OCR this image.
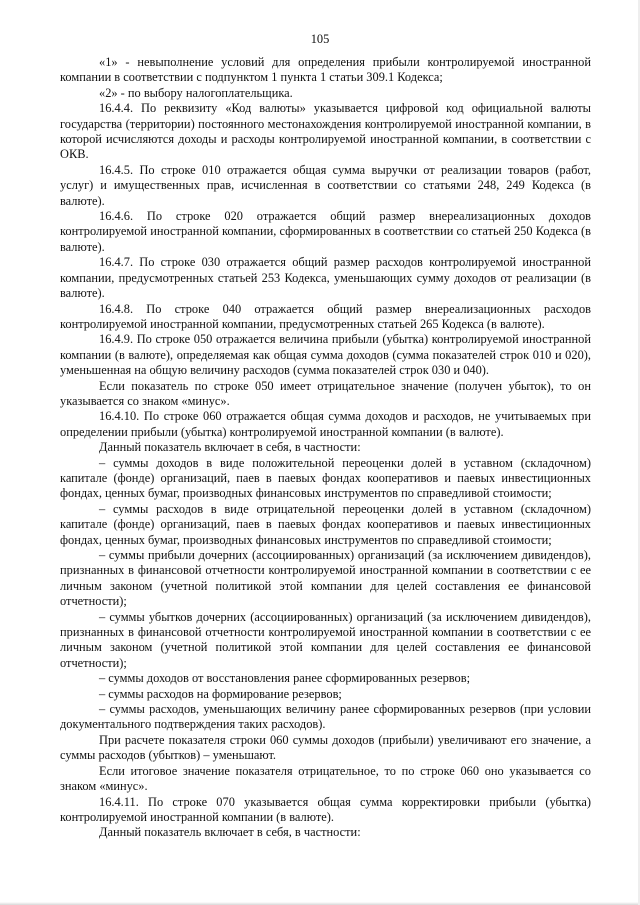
105

«1» - невыполнение условий для определения прибыли контролируемой иностранной компании в соответствии с подпунктом 1 пункта 1 статьи 309.1 Кодекса;

«2» - по выбору налогоплательщика.

16.4.4. По реквизиту «Код валюты» указывается цифровой код официальной валюты государства (территории) постоянного местонахождения контролируемой иностранной компании, в которой исчисляются доходы и расходы контролируемой иностранной компании, в соответствии с ОКВ.

16.4.5. По строке 010 отражается общая сумма выручки от реализации товаров (работ, услуг) и имущественных прав, исчисленная в соответствии со статьями 248, 249 Кодекса (в валюте).

16.4.6. По строке 020 отражается общий размер внереализационных доходов контролируемой иностранной компании, сформированных в соответствии со статьей 250 Кодекса (в валюте).

16.4.7. По строке 030 отражается общий размер расходов контролируемой иностранной компании, предусмотренных статьей 253 Кодекса, уменьшающих сумму доходов от реализации (в валюте).

16.4.8. По строке 040 отражается общий размер внереализационных расходов контролируемой иностранной компании, предусмотренных статьей 265 Кодекса (в валюте).

16.4.9. По строке 050 отражается величина прибыли (убытка) контролируемой иностранной компании (в валюте), определяемая как общая сумма доходов (сумма показателей строк 010 и 020), уменьшенная на общую величину расходов (сумма показателей строк 030 и 040).

Если показатель по строке 050 имеет отрицательное значение (получен убыток), то он указывается со знаком «минус».

16.4.10. По строке 060 отражается общая сумма доходов и расходов, не учитываемых при определении прибыли (убытка) контролируемой иностранной компании (в валюте).

Данный показатель включает в себя, в частности:

– суммы доходов в виде положительной переоценки долей в уставном (складочном) капитале (фонде) организаций, паев в паевых фондах кооперативов и паевых инвестиционных фондах, ценных бумаг, производных финансовых инструментов по справедливой стоимости;

– суммы расходов в виде отрицательной переоценки долей в уставном (складочном) капитале (фонде) организаций, паев в паевых фондах кооперативов и паевых инвестиционных фондах, ценных бумаг, производных финансовых инструментов по справедливой стоимости;

– суммы прибыли дочерних (ассоциированных) организаций (за исключением дивидендов), признанных в финансовой отчетности контролируемой иностранной компании в соответствии с ее личным законом (учетной политикой этой компании для целей составления ее финансовой отчетности);

– суммы убытков дочерних (ассоциированных) организаций (за исключением дивидендов), признанных в финансовой отчетности контролируемой иностранной компании в соответствии с ее личным законом (учетной политикой этой компании для целей составления ее финансовой отчетности);

– суммы доходов от восстановления ранее сформированных резервов;

– суммы расходов на формирование резервов;

– суммы расходов, уменьшающих величину ранее сформированных резервов (при условии документального подтверждения таких расходов).

При расчете показателя строки 060 суммы доходов (прибыли) увеличивают его значение, а суммы расходов (убытков) – уменьшают.

Если итоговое значение показателя отрицательное, то по строке 060 оно указывается со знаком «минус».

16.4.11. По строке 070 указывается общая сумма корректировки прибыли (убытка) контролируемой иностранной компании (в валюте).

Данный показатель включает в себя, в частности:
